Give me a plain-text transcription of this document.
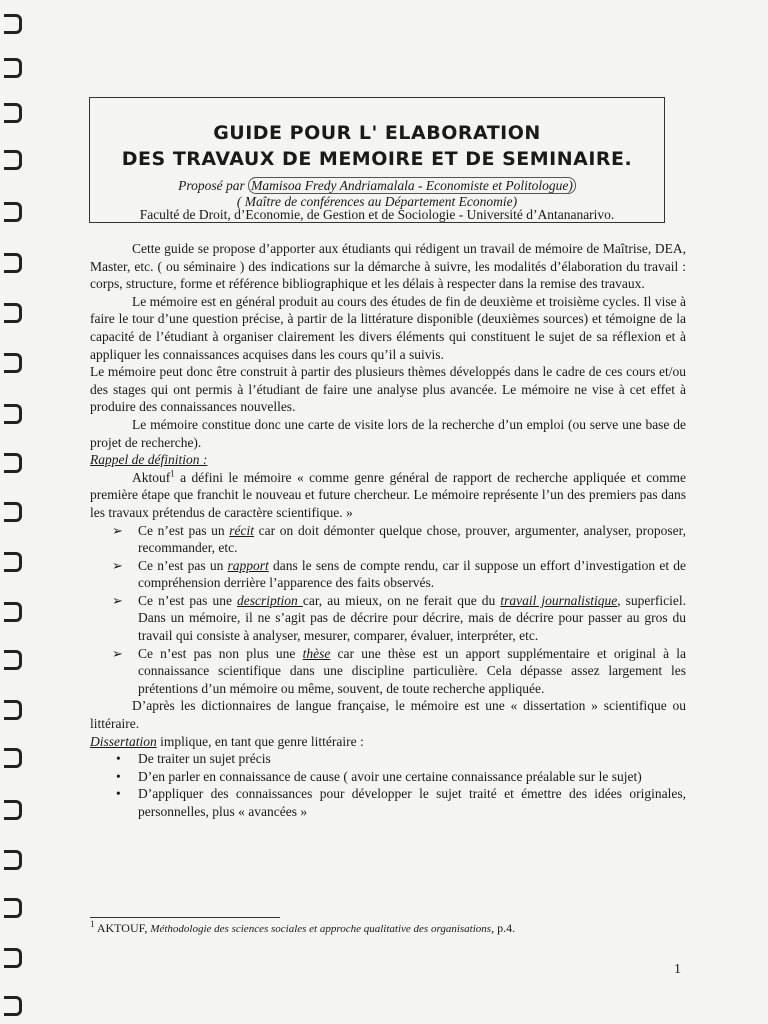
GUIDE POUR L' ELABORATION
DES TRAVAUX DE MEMOIRE ET DE SEMINAIRE.
Proposé par Mamisoa Fredy Andriamalala - Economiste et Politologue)
( Maître de conférences au Département Economie)
Faculté de Droit, d’Economie, de Gestion et de Sociologie - Université d’Antananarivo.

Cette guide se propose d’apporter aux étudiants qui rédigent un travail de mémoire de Maîtrise, DEA, Master, etc. ( ou séminaire ) des indications sur la démarche à suivre, les modalités d’élaboration du travail : corps, structure, forme et référence bibliographique et les délais à respecter dans la remise des travaux.

Le mémoire est en général produit au cours des études de fin de deuxième et troisième cycles. Il vise à faire le tour d’une question précise, à partir de la littérature disponible (deuxièmes sources) et témoigne de la capacité de l’étudiant à organiser clairement les divers éléments qui constituent le sujet de sa réflexion et à appliquer les connaissances acquises dans les cours qu’il a suivis.

Le mémoire peut donc être construit à partir des plusieurs thèmes développés dans le cadre de ces cours et/ou des stages qui ont permis à l’étudiant de faire une analyse plus avancée. Le mémoire ne vise à cet effet à produire des connaissances nouvelles.

Le mémoire constitue donc une carte de visite lors de la recherche d’un emploi (ou serve une base de projet de recherche).

Rappel de définition :

Aktouf$^1$ a défini le mémoire « comme genre général de rapport de recherche appliquée et comme première étape que franchit le nouveau et future chercheur. Le mémoire représente l’un des premiers pas dans les travaux prétendus de caractère scientifique. »

➢ Ce n’est pas un récit car on doit démonter quelque chose, prouver, argumenter, analyser, proposer, recommander, etc.
➢ Ce n’est pas un rapport dans le sens de compte rendu, car il suppose un effort d’investigation et de compréhension derrière l’apparence des faits observés.
➢ Ce n’est pas une description car, au mieux, on ne ferait que du travail journalistique, superficiel. Dans un mémoire, il ne s’agit pas de décrire pour décrire, mais de décrire pour passer au gros du travail qui consiste à analyser, mesurer, comparer, évaluer, interpréter, etc.
➢ Ce n’est pas non plus une thèse car une thèse est un apport supplémentaire et original à la connaissance scientifique dans une discipline particulière. Cela dépasse assez largement les prétentions d’un mémoire ou même, souvent, de toute recherche appliquée.

D’après les dictionnaires de langue française, le mémoire est une « dissertation » scientifique ou littéraire.

Dissertation implique, en tant que genre littéraire :

• De traiter un sujet précis
• D’en parler en connaissance de cause ( avoir une certaine connaissance préalable sur le sujet)
• D’appliquer des connaissances pour développer le sujet traité et émettre des idées originales, personnelles, plus « avancées »
$^1$ AKTOUF, Méthodologie des sciences sociales et approche qualitative des organisations, p.4.
1
